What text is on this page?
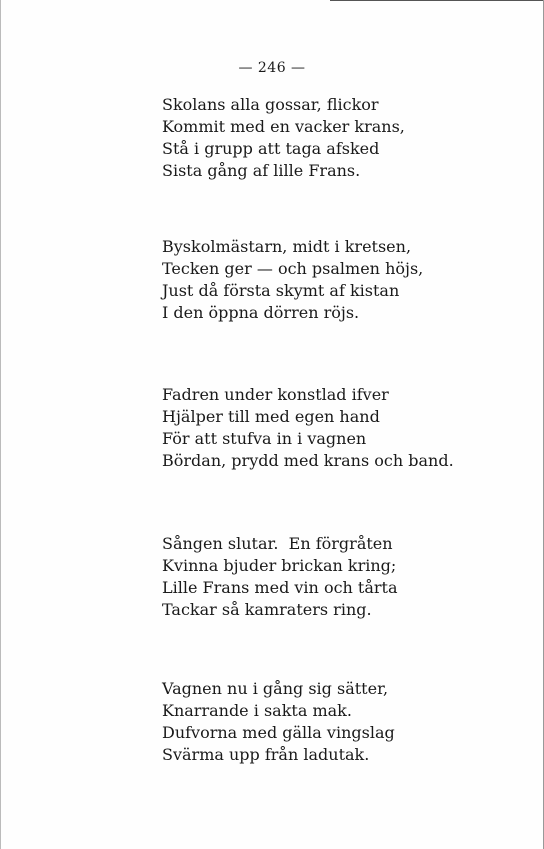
— 246 —
Skolans alla gossar, flickor
Kommit med en vacker krans,
Stå i grupp att taga afsked
Sista gång af lille Frans.
Byskolmästarn, midt i kretsen,
Tecken ger — och psalmen höjs,
Just då första skymt af kistan
I den öppna dörren röjs.
Fadren under konstlad ifver
Hjälper till med egen hand
För att stufva in i vagnen
Bördan, prydd med krans och band.
Sången slutar.  En förgråten
Kvinna bjuder brickan kring;
Lille Frans med vin och tårta
Tackar så kamraters ring.
Vagnen nu i gång sig sätter,
Knarrande i sakta mak.
Dufvorna med gälla vingslag
Svärma upp från ladutak.
